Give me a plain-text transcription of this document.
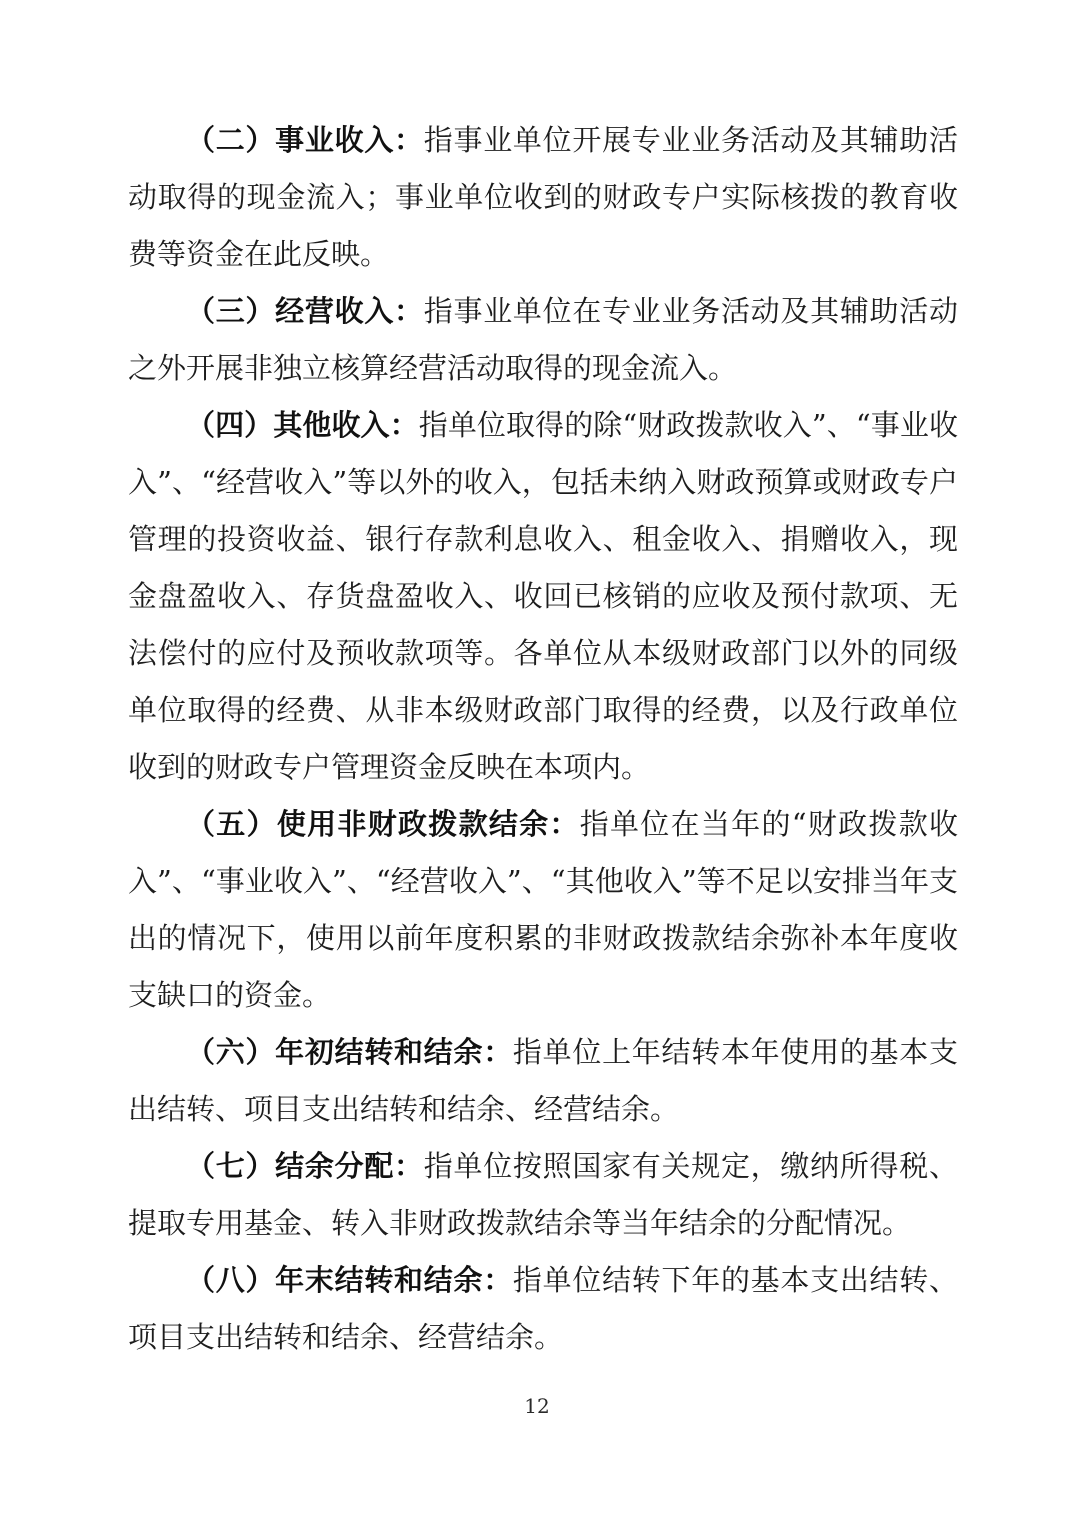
（二）事业收入：指事业单位开展专业业务活动及其辅助活动取得的现金流入；事业单位收到的财政专户实际核拨的教育收费等资金在此反映。

（三）经营收入：指事业单位在专业业务活动及其辅助活动之外开展非独立核算经营活动取得的现金流入。

（四）其他收入：指单位取得的除“财政拨款收入”、“事业收入”、“经营收入”等以外的收入，包括未纳入财政预算或财政专户管理的投资收益、银行存款利息收入、租金收入、捐赠收入，现金盘盈收入、存货盘盈收入、收回已核销的应收及预付款项、无法偿付的应付及预收款项等。各单位从本级财政部门以外的同级单位取得的经费、从非本级财政部门取得的经费，以及行政单位收到的财政专户管理资金反映在本项内。

（五）使用非财政拨款结余：指单位在当年的“财政拨款收入”、“事业收入”、“经营收入”、“其他收入”等不足以安排当年支出的情况下，使用以前年度积累的非财政拨款结余弥补本年度收支缺口的资金。

（六）年初结转和结余：指单位上年结转本年使用的基本支出结转、项目支出结转和结余、经营结余。

（七）结余分配：指单位按照国家有关规定，缴纳所得税、提取专用基金、转入非财政拨款结余等当年结余的分配情况。

（八）年末结转和结余：指单位结转下年的基本支出结转、项目支出结转和结余、经营结余。

12
